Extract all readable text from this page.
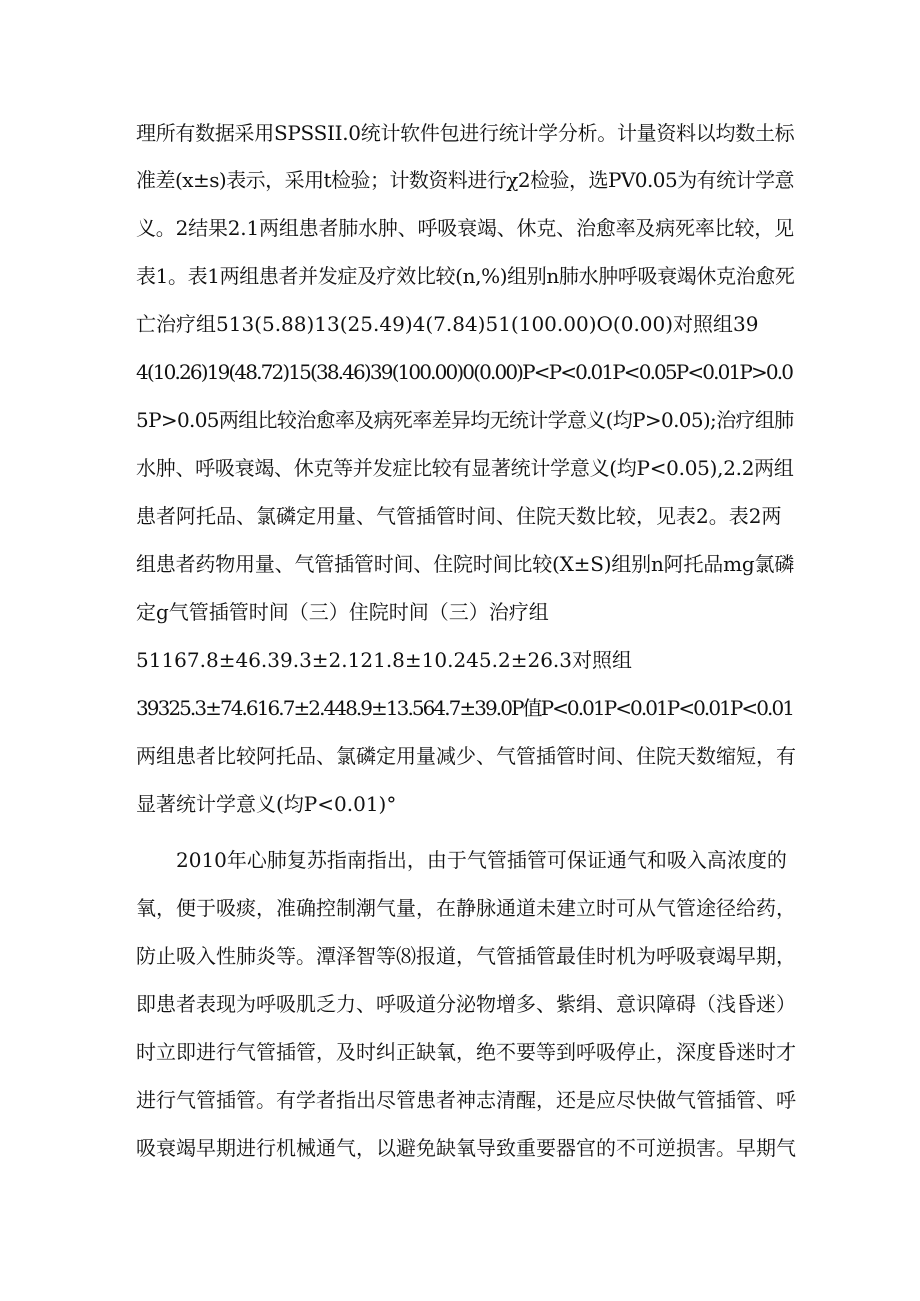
理所有数据采用SPSSII.0统计软件包进行统计学分析。计量资料以均数土标
准差(x±s)表示，采用t检验；计数资料进行χ2检验，选PV0.05为有统计学意
义。2结果2.1两组患者肺水肿、呼吸衰竭、休克、治愈率及病死率比较，见
表1。表1两组患者并发症及疗效比较(n,%)组别n肺水肿呼吸衰竭休克治愈死
亡治疗组513(5.88)13(25.49)4(7.84)51(100.00)O(0.00)对照组39
4(10.26)19(48.72)15(38.46)39(100.00)0(0.00)P<P<0.01P<0.05P<0.01P>0.0
5P>0.05两组比较治愈率及病死率差异均无统计学意义(均P>0.05);治疗组肺
水肿、呼吸衰竭、休克等并发症比较有显著统计学意义(均P<0.05),2.2两组
患者阿托品、氯磷定用量、气管插管时间、住院天数比较，见表2。表2两
组患者药物用量、气管插管时间、住院时间比较(X±S)组别n阿托品mg氯磷
定g气管插管时间（三）住院时间（三）治疗组
51167.8±46.39.3±2.121.8±10.245.2±26.3对照组
39325.3±74.616.7±2.448.9±13.564.7±39.0P值P<0.01P<0.01P<0.01P<0.01
两组患者比较阿托品、氯磷定用量减少、气管插管时间、住院天数缩短，有
显著统计学意义(均P<0.01)°
2010年心肺复苏指南指出，由于气管插管可保证通气和吸入高浓度的
氧，便于吸痰，准确控制潮气量，在静脉通道未建立时可从气管途径给药，
防止吸入性肺炎等。潭泽智等⑻报道，气管插管最佳时机为呼吸衰竭早期，
即患者表现为呼吸肌乏力、呼吸道分泌物增多、紫绢、意识障碍（浅昏迷）
时立即进行气管插管，及时纠正缺氧，绝不要等到呼吸停止，深度昏迷时才
进行气管插管。有学者指出尽管患者神志清醒，还是应尽快做气管插管、呼
吸衰竭早期进行机械通气，以避免缺氧导致重要器官的不可逆损害。早期气
